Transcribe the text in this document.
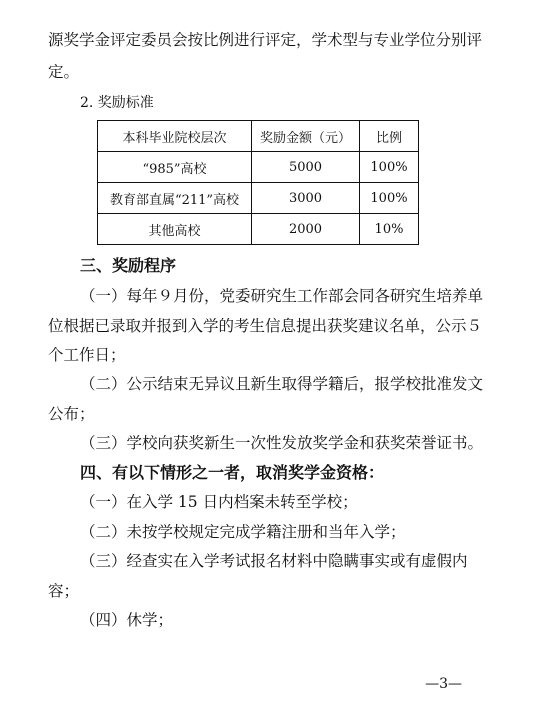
源奖学金评定委员会按比例进行评定，学术型与专业学位分别评
定。
2. 奖励标准
本科毕业院校层次	奖励金额（元）	比例
“985”高校	5000	100%
教育部直属“211”高校	3000	100%
其他高校	2000	10%
三、奖励程序
（一）每年９月份，党委研究生工作部会同各研究生培养单
位根据已录取并报到入学的考生信息提出获奖建议名单，公示５
个工作日；
（二）公示结束无异议且新生取得学籍后，报学校批准发文
公布；
（三）学校向获奖新生一次性发放奖学金和获奖荣誉证书。
四、有以下情形之一者，取消奖学金资格：
（一）在入学 15 日内档案未转至学校；
（二）未按学校规定完成学籍注册和当年入学；
（三）经查实在入学考试报名材料中隐瞒事实或有虚假内
容；
（四）休学；
—3—
